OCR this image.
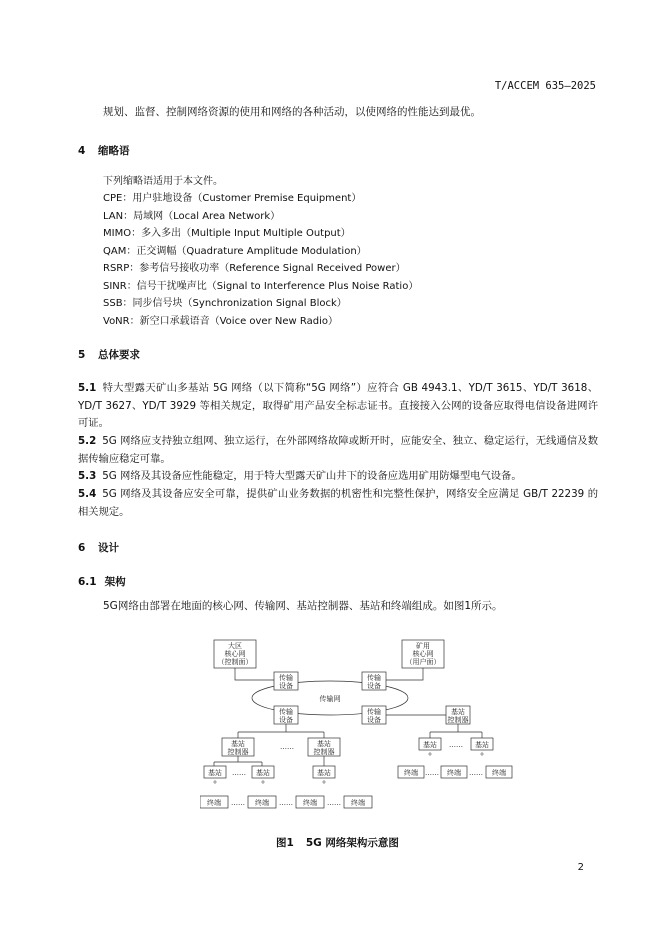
T/ACCEM 635—2025
规划、监督、控制网络资源的使用和网络的各种活动，以使网络的性能达到最优。
4 缩略语
下列缩略语适用于本文件。
CPE：用户驻地设备（Customer Premise Equipment）
LAN：局域网（Local Area Network）
MIMO：多入多出（Multiple Input Multiple Output）
QAM：正交调幅（Quadrature Amplitude Modulation）
RSRP：参考信号接收功率（Reference Signal Received Power）
SINR：信号干扰噪声比（Signal to Interference Plus Noise Ratio）
SSB：同步信号块（Synchronization Signal Block）
VoNR：新空口承载语音（Voice over New Radio）
5 总体要求
5.1 特大型露天矿山多基站 5G 网络（以下简称“5G 网络”）应符合 GB 4943.1、YD/T 3615、YD/T 3618、YD/T 3627、YD/T 3929 等相关规定，取得矿用产品安全标志证书。直接接入公网的设备应取得电信设备进网许可证。
5.2 5G 网络应支持独立组网、独立运行，在外部网络故障或断开时，应能安全、独立、稳定运行，无线通信及数据传输应稳定可靠。
5.3 5G 网络及其设备应性能稳定，用于特大型露天矿山井下的设备应选用矿用防爆型电气设备。
5.4 5G 网络及其设备应安全可靠，提供矿山业务数据的机密性和完整性保护，网络安全应满足 GB/T 22239 的相关规定。
6 设计
6.1 架构
5G网络由部署在地面的核心网、传输网、基站控制器、基站和终端组成。如图1所示。
大区
核心网
（控制面）
矿用
核心网
（用户面）
传输网
传输
设备
传输
设备
传输
设备
传输
设备
基站
控制器
基站
控制器
……	基站
控制器
基站 …… 基站	基站
基站 …… 基站
终端 …… 终端 …… 终端 …… 终端
终端 …… 终端 …… 终端
图1 5G 网络架构示意图
2
